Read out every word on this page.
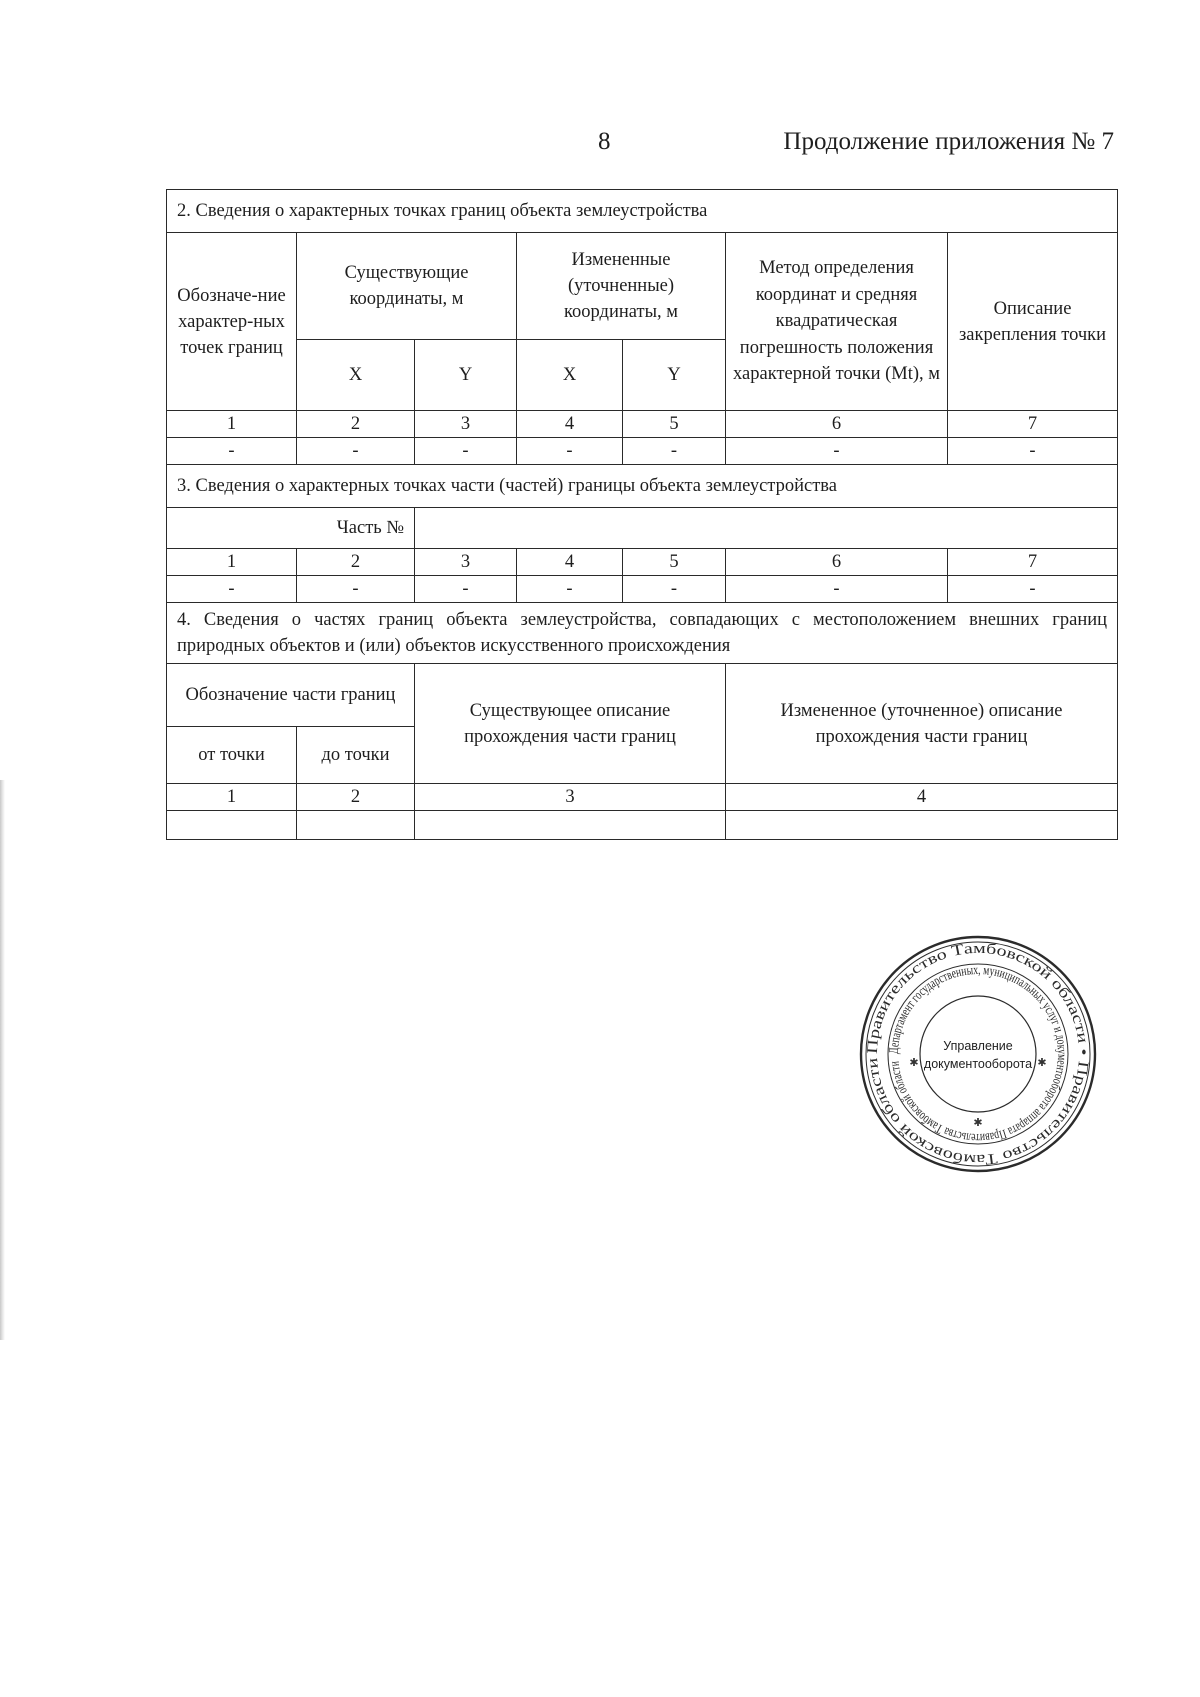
8	Продолжение приложения № 7
2. Сведения о характерных точках границ объекта землеустройства						
Обозначе-ние характер-ных точек границ	Существующие координаты, м		Измененные (уточненные) координаты, м		Метод определения координат и средняя квадратическая погрешность положения характерной точки (Mt), м	Описание закрепления точки
	X	Y	X	Y		
1	2	3	4	5	6	7
-	-	-	-	-	-	-
3. Сведения о характерных точках части (частей) границы объекта землеустройства						
Часть №						
1	2	3	4	5	6	7
-	-	-	-	-	-	-
4. Сведения о частях границ объекта землеустройства, совпадающих с местоположением внешних границ природных объектов и (или) объектов искусственного происхождения						
Обозначение части границ		Существующее описание прохождения части границ			Измененное (уточненное) описание прохождения части границ	
от точки	до точки					
1	2	3			4	

Правительство Тамбовской области • Правительство Тамбовской области
Департамент государственных, муниципальных услуг и документооборота аппарата Правительства Тамбовской области
Управление
документооборота
✱	✱
✱
